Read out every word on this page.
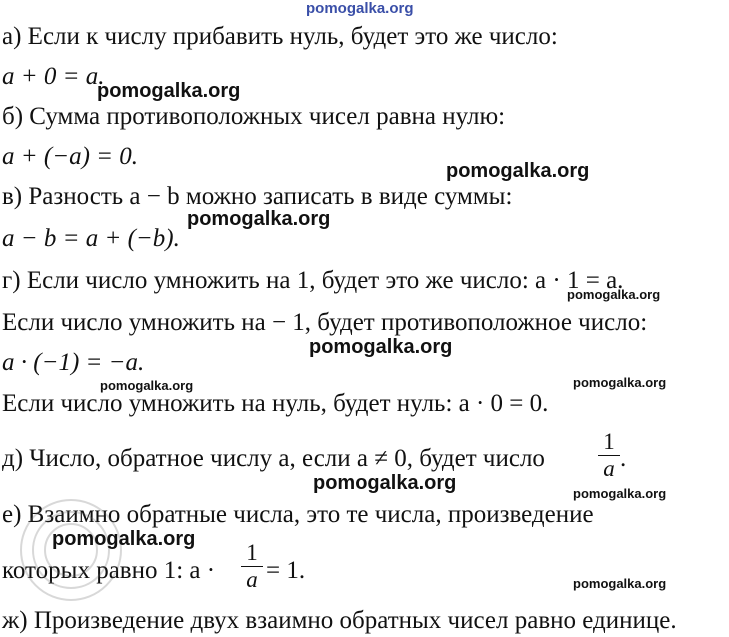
pomogalka.org
а) Если к числу прибавить нуль, будет это же число:
a + 0 = a.
б) Сумма противоположных чисел равна нулю:
a + (−a) = 0.
в) Разность a − b можно записать в виде суммы:
a − b = a + (−b).
г) Если число умножить на 1, будет это же число: a · 1 = a.
Если число умножить на − 1, будет противоположное число:
a · (−1) = −a.
Если число умножить на нуль, будет нуль: a · 0 = 0.
д) Число, обратное числу a, если a ≠ 0, будет число
1
a .
е) Взаимно обратные числа, это те числа, произведение
которых равно 1: a ·
1
a = 1.
ж) Произведение двух взаимно обратных чисел равно единице.
pomogalka.org
pomogalka.org
pomogalka.org
pomogalka.org
pomogalka.org
pomogalka.org	pomogalka.org
pomogalka.org	pomogalka.org
pomogalka.org
pomogalka.org
